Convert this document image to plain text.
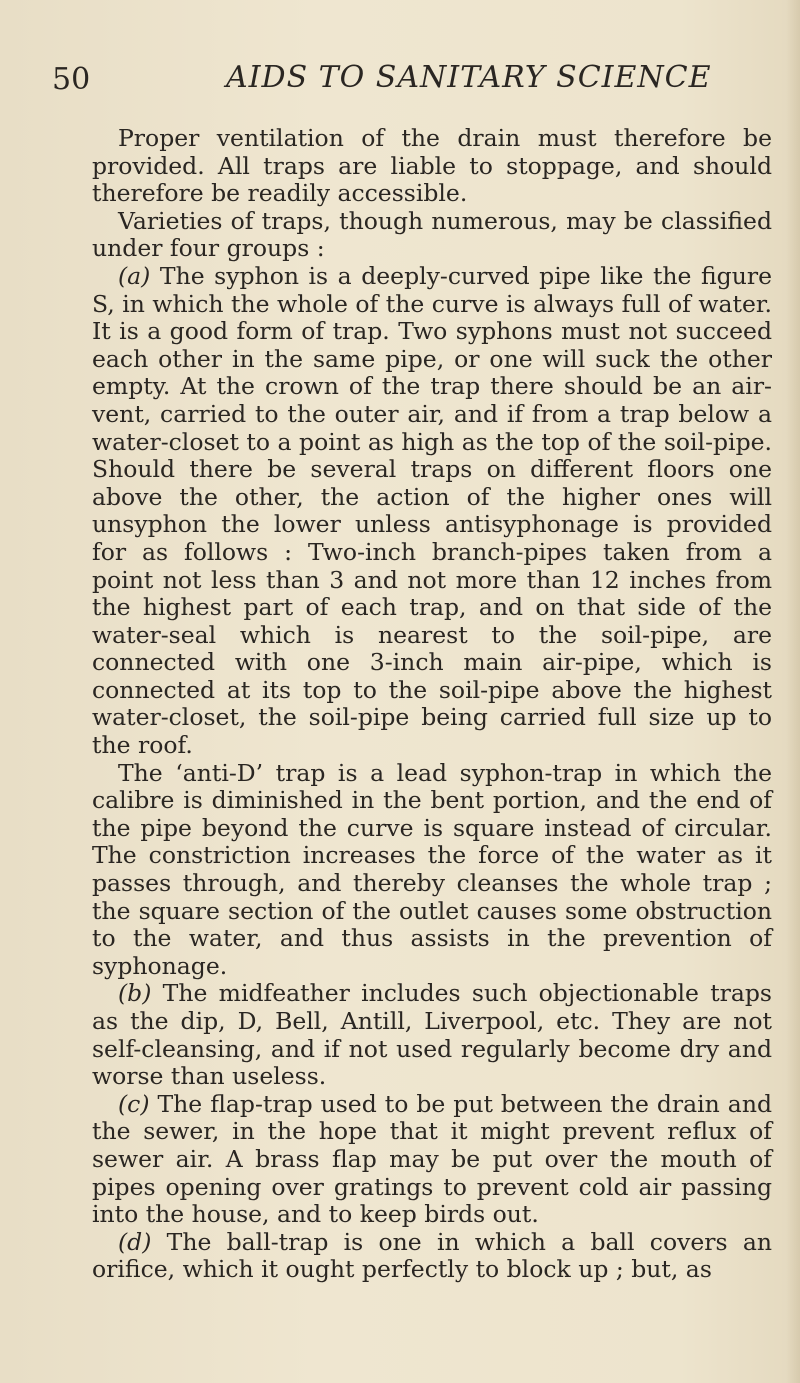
50	AIDS TO SANITARY SCIENCE

Proper ventilation of the drain must therefore be provided. All traps are liable to stoppage, and should therefore be readily accessible.

Varieties of traps, though numerous, may be classified under four groups :

(a) The syphon is a deeply-curved pipe like the figure S, in which the whole of the curve is always full of water. It is a good form of trap. Two syphons must not succeed each other in the same pipe, or one will suck the other empty. At the crown of the trap there should be an air-vent, carried to the outer air, and if from a trap below a water-closet to a point as high as the top of the soil-pipe. Should there be several traps on different floors one above the other, the action of the higher ones will unsyphon the lower unless antisyphonage is provided for as follows : Two-inch branch-pipes taken from a point not less than 3 and not more than 12 inches from the highest part of each trap, and on that side of the water-seal which is nearest to the soil-pipe, are connected with one 3-inch main air-pipe, which is connected at its top to the soil-pipe above the highest water-closet, the soil-pipe being carried full size up to the roof.

The ‘anti-D’ trap is a lead syphon-trap in which the calibre is diminished in the bent portion, and the end of the pipe beyond the curve is square instead of circular. The constriction increases the force of the water as it passes through, and thereby cleanses the whole trap ; the square section of the outlet causes some obstruction to the water, and thus assists in the prevention of syphonage.

(b) The midfeather includes such objectionable traps as the dip, D, Bell, Antill, Liverpool, etc. They are not self-cleansing, and if not used regularly become dry and worse than useless.

(c) The flap-trap used to be put between the drain and the sewer, in the hope that it might prevent reflux of sewer air. A brass flap may be put over the mouth of pipes opening over gratings to prevent cold air passing into the house, and to keep birds out.

(d) The ball-trap is one in which a ball covers an orifice, which it ought perfectly to block up ; but, as
